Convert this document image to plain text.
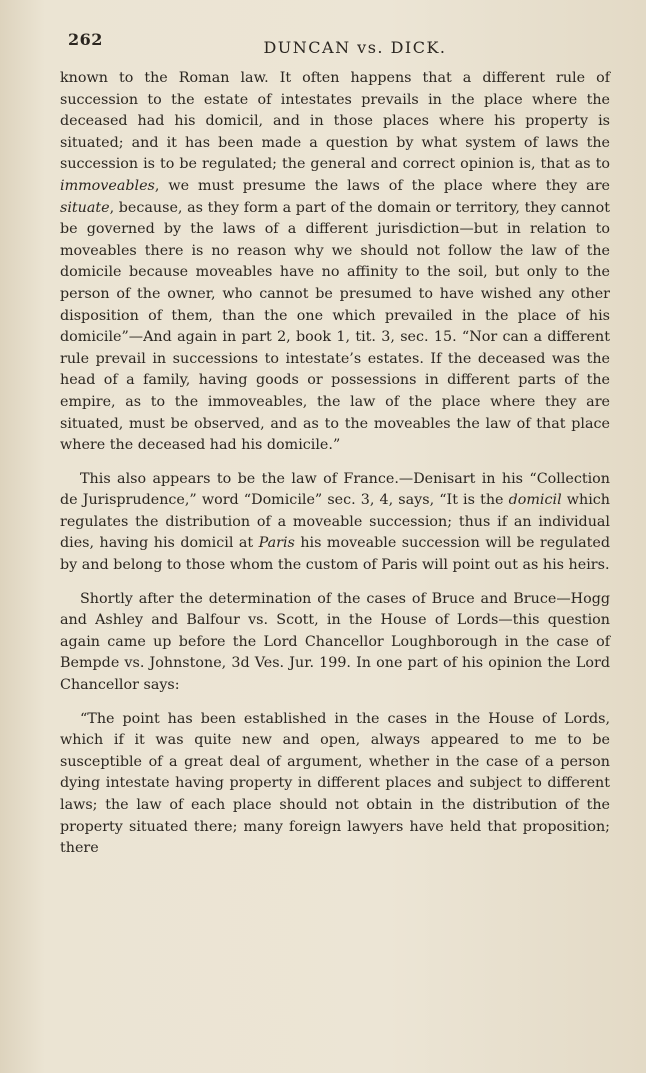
262	DUNCAN vs. DICK.

known to the Roman law. It often happens that a different rule of succession to the estate of intestates prevails in the place where the deceased had his domicil, and in those places where his property is situated; and it has been made a question by what system of laws the succession is to be regulated; the general and correct opinion is, that as to immoveables, we must presume the laws of the place where they are situate, because, as they form a part of the domain or territory, they cannot be governed by the laws of a different jurisdiction—but in relation to moveables there is no reason why we should not follow the law of the domicile because moveables have no affinity to the soil, but only to the person of the owner, who cannot be presumed to have wished any other disposition of them, than the one which prevailed in the place of his domicile”—And again in part 2, book 1, tit. 3, sec. 15. “Nor can a different rule prevail in successions to intestate’s estates. If the deceased was the head of a family, having goods or possessions in different parts of the empire, as to the immoveables, the law of the place where they are situated, must be observed, and as to the moveables the law of that place where the deceased had his domicile.”

This also appears to be the law of France.—Denisart in his “Collection de Jurisprudence,” word “Domicile” sec. 3, 4, says, “It is the domicil which regulates the distribution of a moveable succession; thus if an individual dies, having his domicil at Paris his moveable succession will be regulated by and belong to those whom the custom of Paris will point out as his heirs.

Shortly after the determination of the cases of Bruce and Bruce—Hogg and Ashley and Balfour vs. Scott, in the House of Lords—this question again came up before the Lord Chancellor Loughborough in the case of Bempde vs. Johnstone, 3d Ves. Jur. 199. In one part of his opinion the Lord Chancellor says:

“The point has been established in the cases in the House of Lords, which if it was quite new and open, always appeared to me to be susceptible of a great deal of argument, whether in the case of a person dying intestate having property in different places and subject to different laws; the law of each place should not obtain in the distribution of the property situated there; many foreign lawyers have held that proposition; there
